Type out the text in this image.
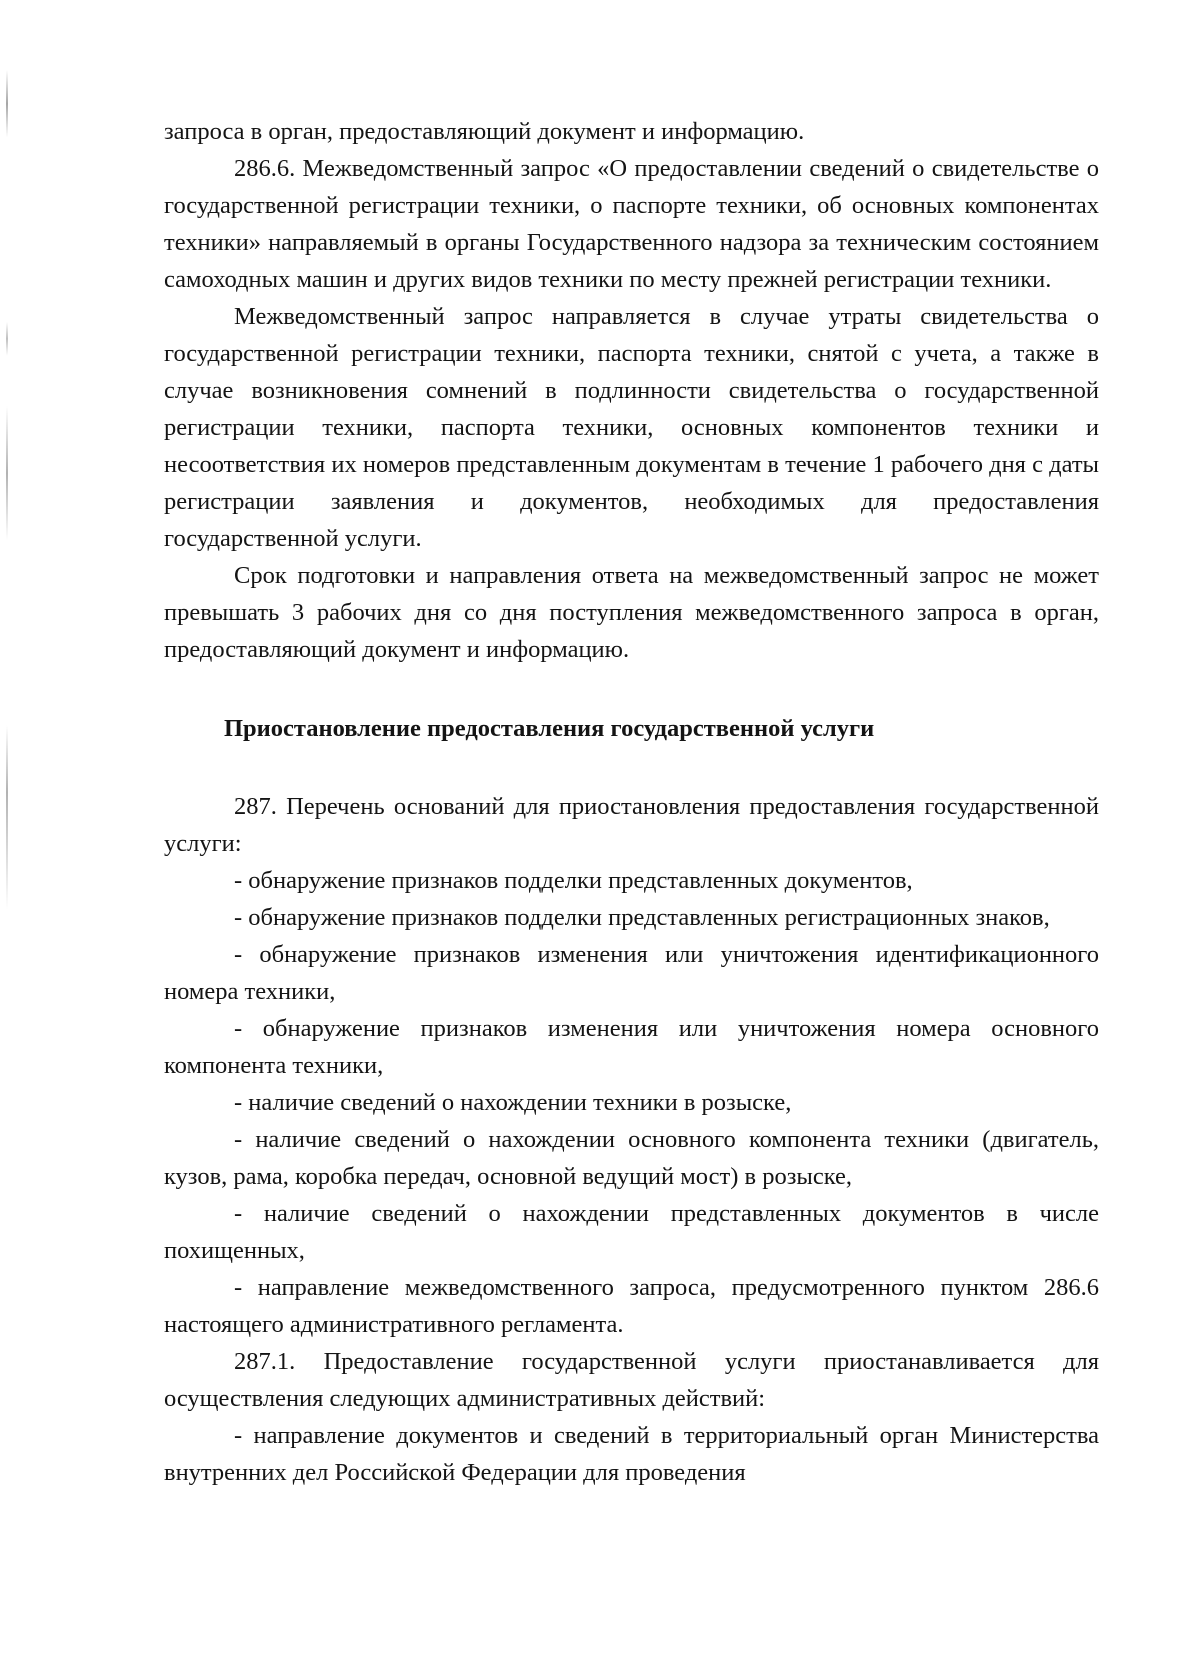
запроса в орган, предоставляющий документ и информацию.

286.6. Межведомственный запрос «О предоставлении сведений о свидетельстве о государственной регистрации техники, о паспорте техники, об основных компонентах техники» направляемый в органы Государственного надзора за техническим состоянием самоходных машин и других видов техники по месту прежней регистрации техники.

Межведомственный запрос направляется в случае утраты свидетельства о государственной регистрации техники, паспорта техники, снятой с учета, а также в случае возникновения сомнений в подлинности свидетельства о государственной регистрации техники, паспорта техники, основных компонентов техники и несоответствия их номеров представленным документам в течение 1 рабочего дня с даты регистрации заявления и документов, необходимых для предоставления государственной услуги.

Срок подготовки и направления ответа на межведомственный запрос не может превышать 3 рабочих дня со дня поступления межведомственного запроса в орган, предоставляющий документ и информацию.

Приостановление предоставления государственной услуги

287. Перечень оснований для приостановления предоставления государственной услуги:

- обнаружение признаков подделки представленных документов,

- обнаружение признаков подделки представленных регистрационных знаков,

- обнаружение признаков изменения или уничтожения идентификационного номера техники,

- обнаружение признаков изменения или уничтожения номера основного компонента техники,

- наличие сведений о нахождении техники в розыске,

- наличие сведений о нахождении основного компонента техники (двигатель, кузов, рама, коробка передач, основной ведущий мост) в розыске,

- наличие сведений о нахождении представленных документов в числе похищенных,

- направление межведомственного запроса, предусмотренного пунктом 286.6 настоящего административного регламента.

287.1. Предоставление государственной услуги приостанавливается для осуществления следующих административных действий:

- направление документов и сведений в территориальный орган Министерства внутренних дел Российской Федерации для проведения
